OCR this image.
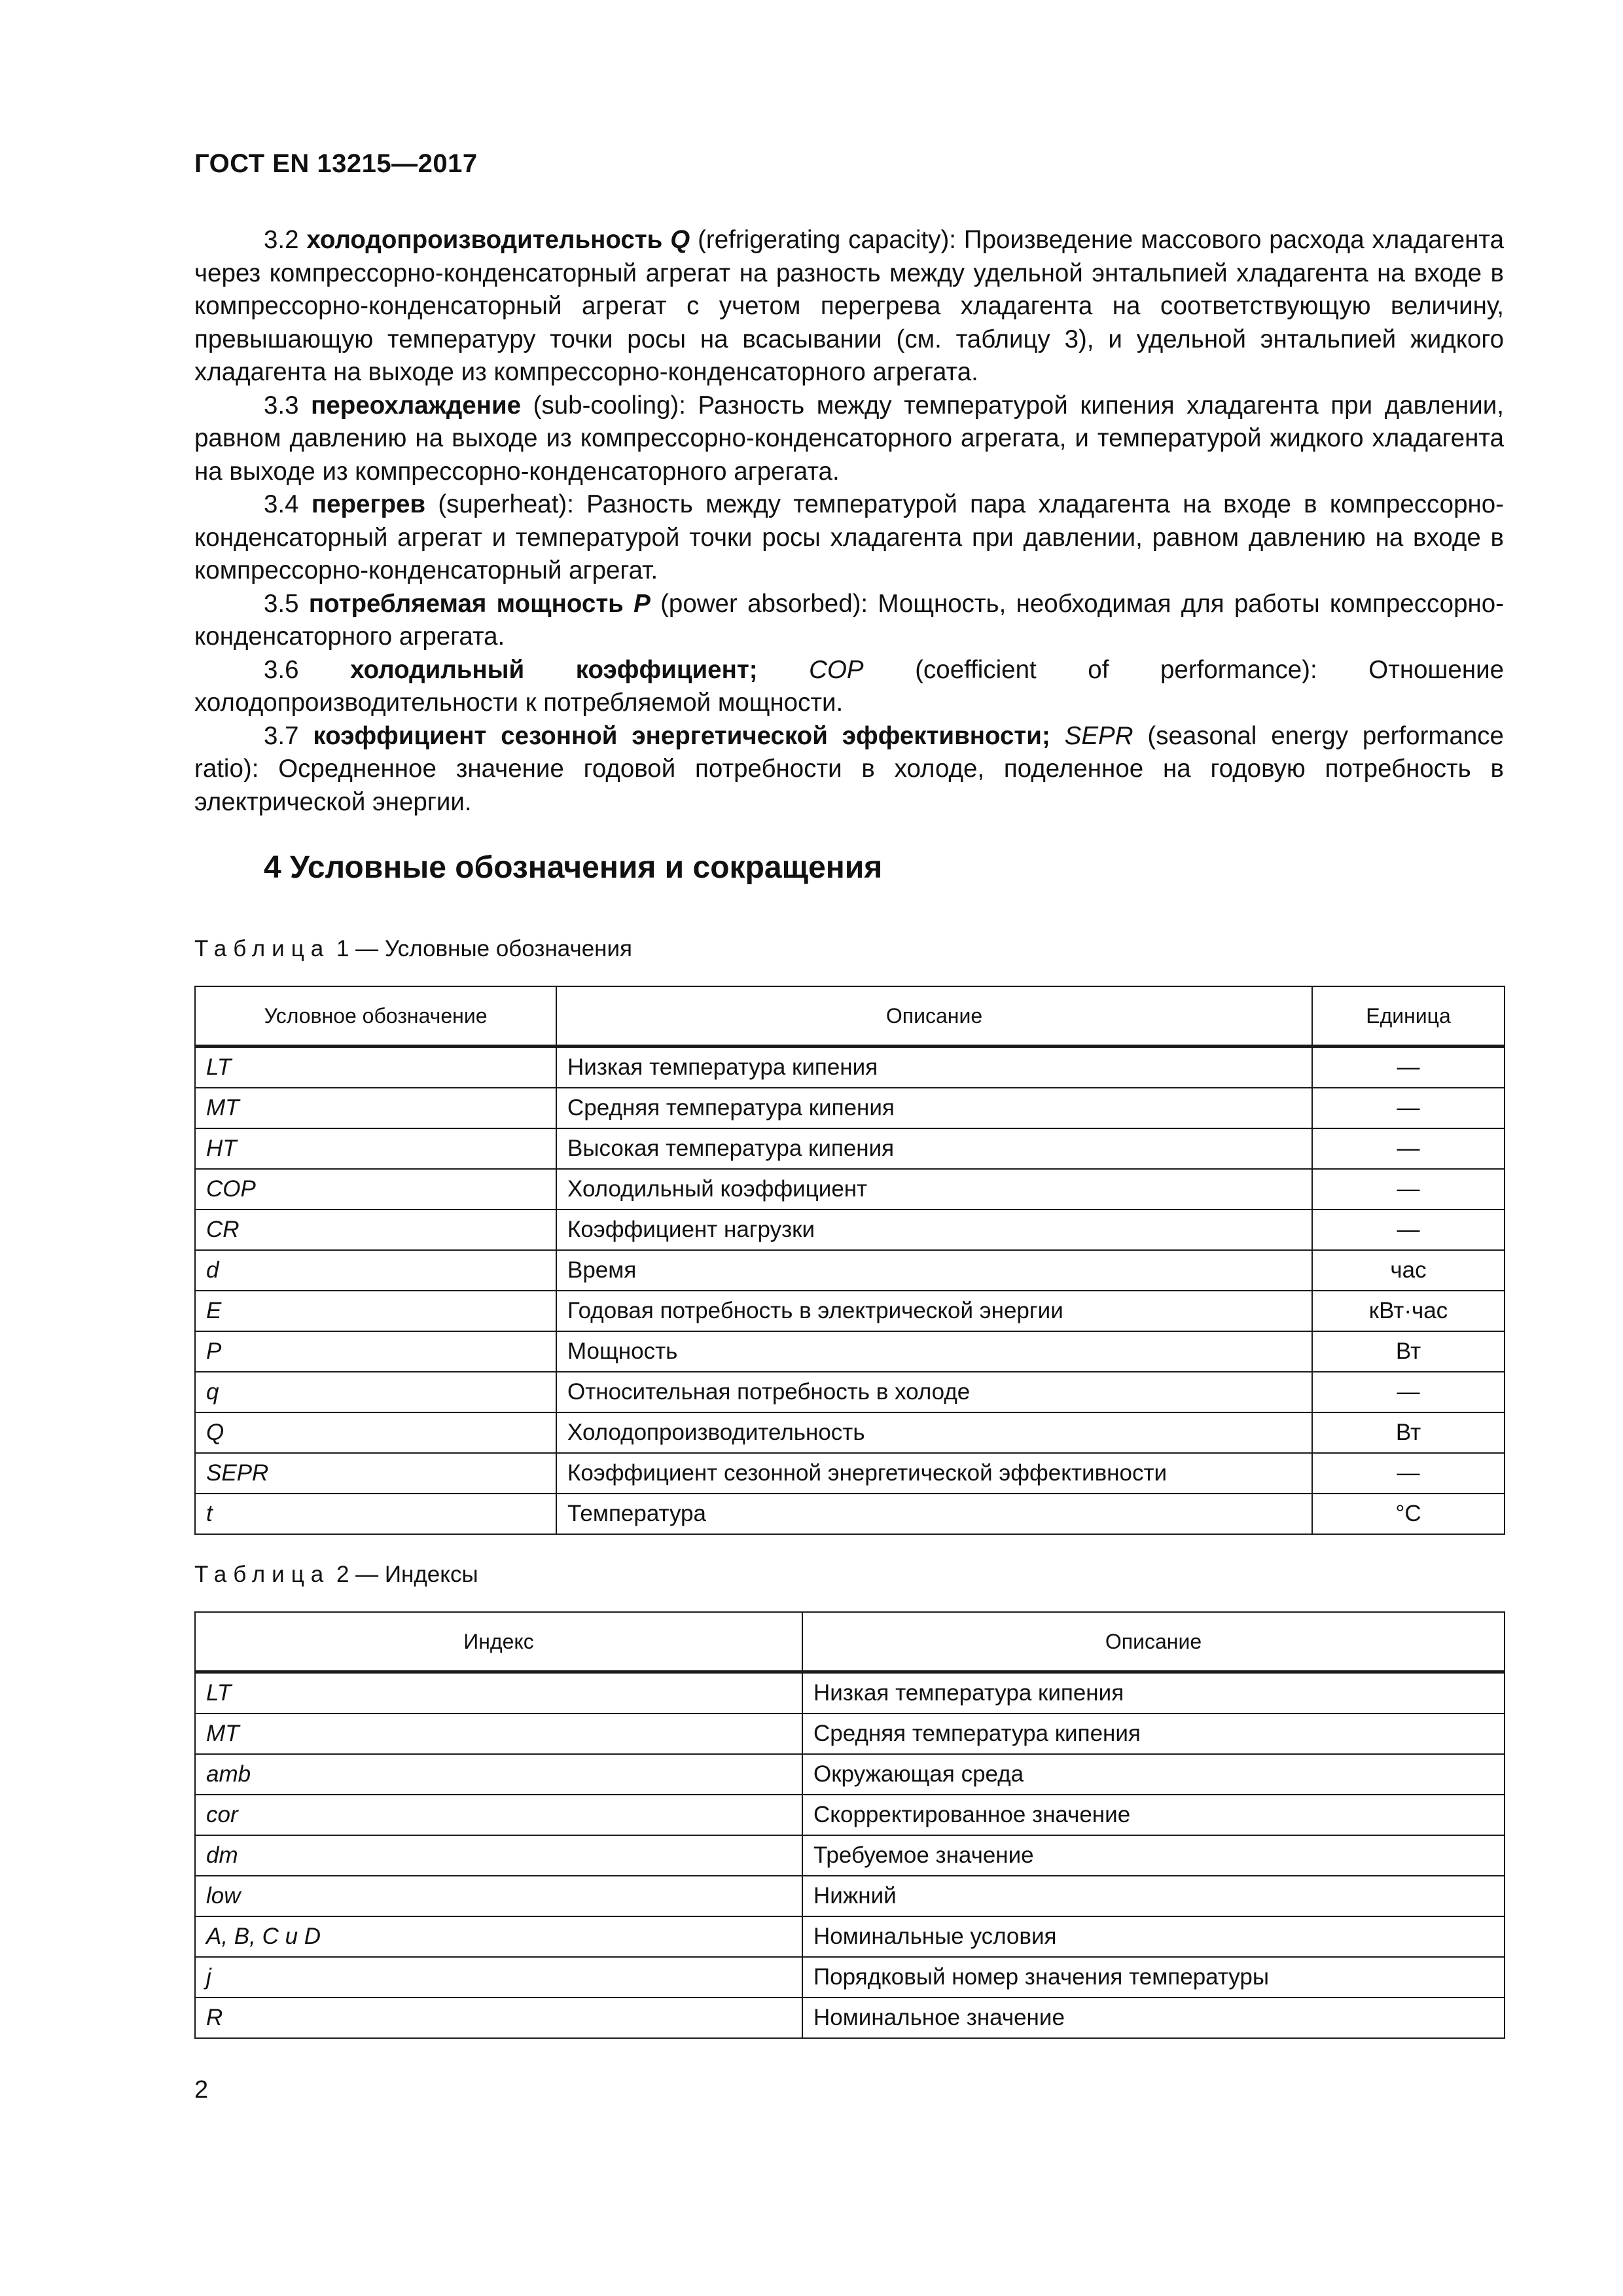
ГОСТ EN 13215—2017

3.2 холодопроизводительность Q (refrigerating capacity): Произведение массового расхода хладагента через компрессорно-конденсаторный агрегат на разность между удельной энтальпией хладагента на входе в компрессорно-конденсаторный агрегат с учетом перегрева хладагента на соответствующую величину, превышающую температуру точки росы на всасывании (см. таблицу 3), и удельной энтальпией жидкого хладагента на выходе из компрессорно-конденсаторного агрегата.

3.3 переохлаждение (sub-cooling): Разность между температурой кипения хладагента при давлении, равном давлению на выходе из компрессорно-конденсаторного агрегата, и температурой жидкого хладагента на выходе из компрессорно-конденсаторного агрегата.

3.4 перегрев (superheat): Разность между температурой пара хладагента на входе в компрессорно-конденсаторный агрегат и температурой точки росы хладагента при давлении, равном давлению на входе в компрессорно-конденсаторный агрегат.

3.5 потребляемая мощность P (power absorbed): Мощность, необходимая для работы компрессорно-конденсаторного агрегата.

3.6 холодильный коэффициент; COP (coefficient of performance): Отношение холодопроизводительности к потребляемой мощности.

3.7 коэффициент сезонной энергетической эффективности; SEPR (seasonal energy performance ratio): Осредненное значение годовой потребности в холоде, поделенное на годовую потребность в электрической энергии.

4 Условные обозначения и сокращения
Таблица 1 — Условные обозначения
Условное обозначение	Описание	Единица
LT	Низкая температура кипения	—
MT	Средняя температура кипения	—
HT	Высокая температура кипения	—
COP	Холодильный коэффициент	—
CR	Коэффициент нагрузки	—
d	Время	час
E	Годовая потребность в электрической энергии	кВт·час
P	Мощность	Вт
q	Относительная потребность в холоде	—
Q	Холодопроизводительность	Вт
SEPR	Коэффициент сезонной энергетической эффективности	—
t	Температура	°C
Таблица 2 — Индексы
Индекс	Описание
LT	Низкая температура кипения
MT	Средняя температура кипения
amb	Окружающая среда
cor	Скорректированное значение
dm	Требуемое значение
low	Нижний
A, B, C и D	Номинальные условия
j	Порядковый номер значения температуры
R	Номинальное значение
2
